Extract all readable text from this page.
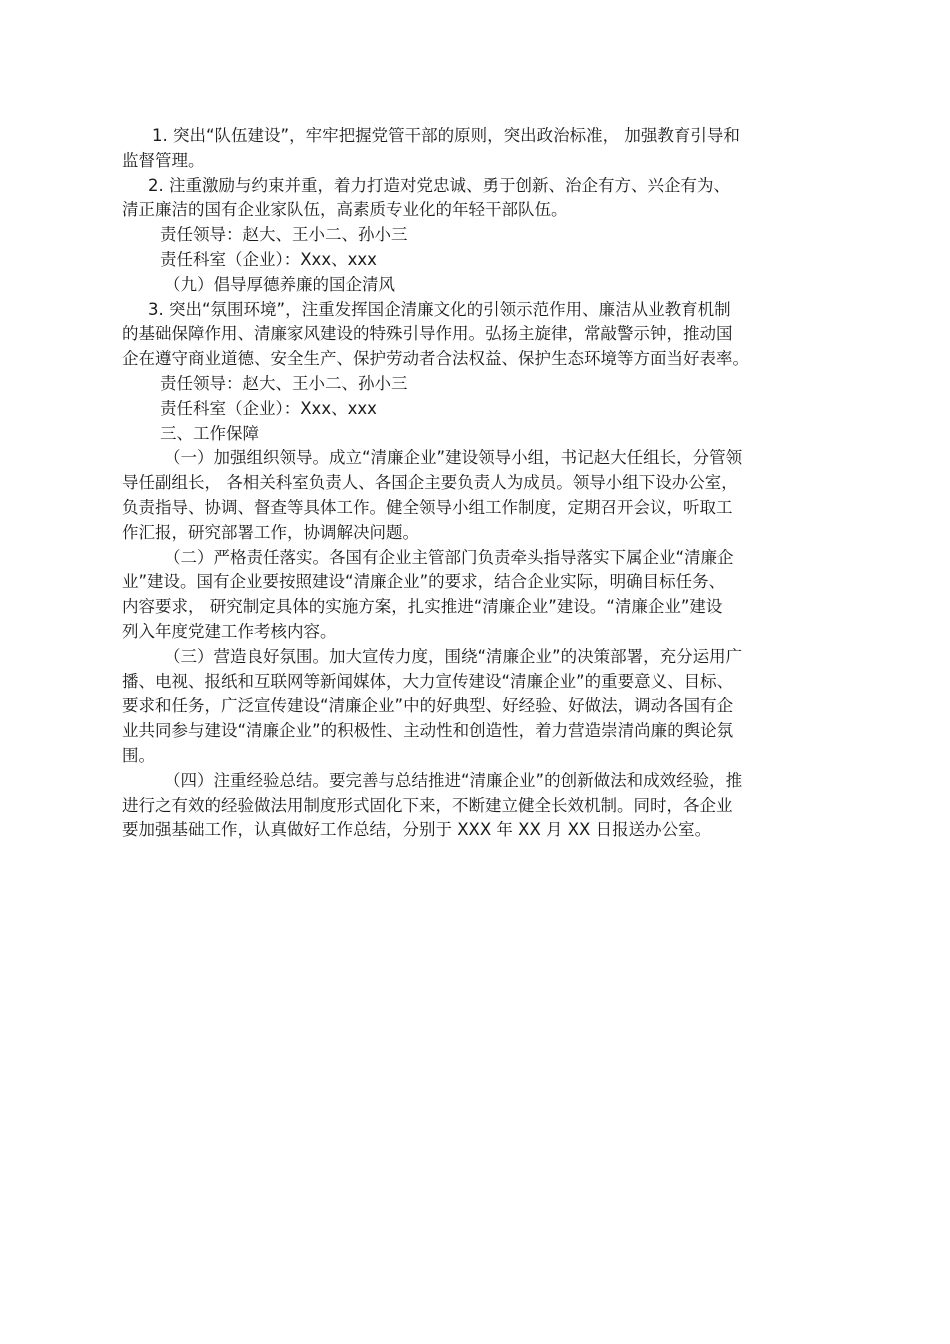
1. 突出“队伍建设”，牢牢把握党管干部的原则，突出政治标准， 加强教育引导和
监督管理。
2. 注重激励与约束并重，着力打造对党忠诚、勇于创新、治企有方、兴企有为、
清正廉洁的国有企业家队伍，高素质专业化的年轻干部队伍。
责任领导：赵大、王小二、孙小三
责任科室（企业）：Xxx、xxx
（九）倡导厚德养廉的国企清风
3. 突出“氛围环境”，注重发挥国企清廉文化的引领示范作用、廉洁从业教育机制
的基础保障作用、清廉家风建设的特殊引导作用。弘扬主旋律，常敲警示钟，推动国
企在遵守商业道德、安全生产、保护劳动者合法权益、保护生态环境等方面当好表率。
责任领导：赵大、王小二、孙小三
责任科室（企业）：Xxx、xxx
三、工作保障
（一）加强组织领导。成立“清廉企业”建设领导小组，书记赵大任组长，分管领
导任副组长， 各相关科室负责人、各国企主要负责人为成员。领导小组下设办公室，
负责指导、协调、督查等具体工作。健全领导小组工作制度，定期召开会议，听取工
作汇报，研究部署工作，协调解决问题。
（二）严格责任落实。各国有企业主管部门负责牵头指导落实下属企业“清廉企
业”建设。国有企业要按照建设“清廉企业”的要求，结合企业实际，明确目标任务、
内容要求， 研究制定具体的实施方案，扎实推进“清廉企业”建设。“清廉企业”建设
列入年度党建工作考核内容。
（三）营造良好氛围。加大宣传力度，围绕“清廉企业”的决策部署，充分运用广
播、电视、报纸和互联网等新闻媒体，大力宣传建设“清廉企业”的重要意义、目标、
要求和任务，广泛宣传建设“清廉企业”中的好典型、好经验、好做法，调动各国有企
业共同参与建设“清廉企业”的积极性、主动性和创造性，着力营造崇清尚廉的舆论氛
围。
（四）注重经验总结。要完善与总结推进“清廉企业”的创新做法和成效经验，推
进行之有效的经验做法用制度形式固化下来，不断建立健全长效机制。同时，各企业
要加强基础工作，认真做好工作总结，分别于 XXX 年 XX 月 XX 日报送办公室。
